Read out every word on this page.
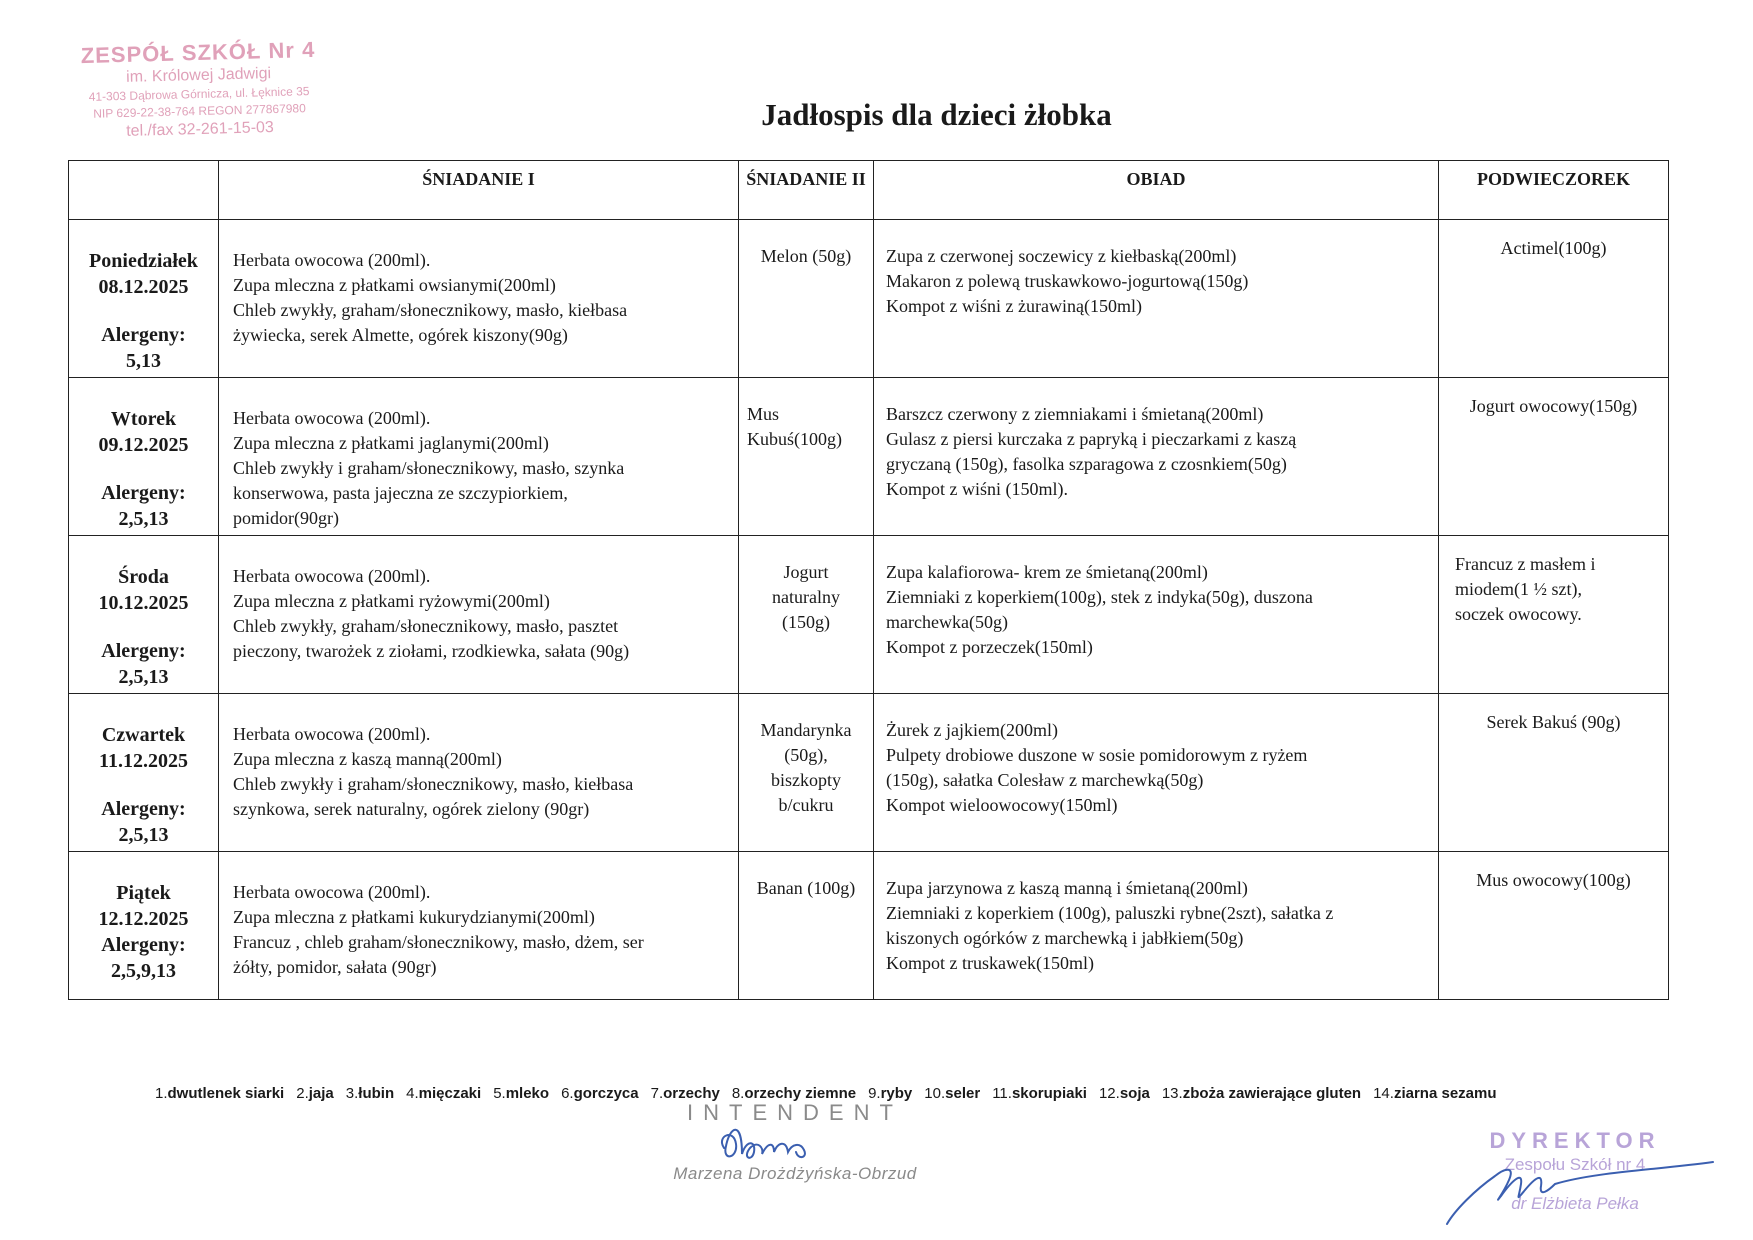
ZESPÓŁ SZKÓŁ Nr 4
im. Królowej Jadwigi
41-303 Dąbrowa Górnicza, ul. Łęknice 35
NIP 629-22-38-764 REGON 277867980
tel./fax 32-261-15-03	Jadłospis dla dzieci żłobka
	ŚNIADANIE I	ŚNIADANIE II	OBIAD	PODWIECZOREK

Poniedziałek
08.12.2025
Alergeny:
5,13	Herbata owocowa (200ml).
Zupa mleczna z płatkami owsianymi(200ml)
Chleb zwykły, graham/słonecznikowy, masło, kiełbasa
żywiecka, serek Almette, ogórek kiszony(90g)	Melon (50g)	Zupa z czerwonej soczewicy z kiełbaską(200ml)
Makaron z polewą truskawkowo-jogurtową(150g)
Kompot z wiśni z żurawiną(150ml)	Actimel(100g)

Wtorek
09.12.2025
Alergeny:
2,5,13	Herbata owocowa (200ml).
Zupa mleczna z płatkami jaglanymi(200ml)
Chleb zwykły i graham/słonecznikowy, masło, szynka
konserwowa, pasta jajeczna ze szczypiorkiem,
pomidor(90gr)	Mus
Kubuś(100g)	Barszcz czerwony z ziemniakami i śmietaną(200ml)
Gulasz z piersi kurczaka z papryką i pieczarkami z kaszą
gryczaną (150g), fasolka szparagowa z czosnkiem(50g)
Kompot z wiśni (150ml).	Jogurt owocowy(150g)

Środa
10.12.2025
Alergeny:
2,5,13	Herbata owocowa (200ml).
Zupa mleczna z płatkami ryżowymi(200ml)
Chleb zwykły, graham/słonecznikowy, masło, pasztet
pieczony, twarożek z ziołami, rzodkiewka, sałata (90g)	Jogurt
naturalny
(150g)	Zupa kalafiorowa- krem ze śmietaną(200ml)
Ziemniaki z koperkiem(100g), stek z indyka(50g), duszona
marchewka(50g)
Kompot z porzeczek(150ml)	Francuz z masłem i
miodem(1 ½ szt),
soczek owocowy.

Czwartek
11.12.2025
Alergeny:
2,5,13	Herbata owocowa (200ml).
Zupa mleczna z kaszą manną(200ml)
Chleb zwykły i graham/słonecznikowy, masło, kiełbasa
szynkowa, serek naturalny, ogórek zielony (90gr)	Mandarynka
(50g),
biszkopty
b/cukru	Żurek z jajkiem(200ml)
Pulpety drobiowe duszone w sosie pomidorowym z ryżem
(150g), sałatka Colesław z marchewką(50g)
Kompot wieloowocowy(150ml)	Serek Bakuś (90g)

Piątek
12.12.2025
Alergeny:
2,5,9,13	Herbata owocowa (200ml).
Zupa mleczna z płatkami kukurydzianymi(200ml)
Francuz , chleb graham/słonecznikowy, masło, dżem, ser
żółty, pomidor, sałata (90gr)	Banan (100g)	Zupa jarzynowa z kaszą manną i śmietaną(200ml)
Ziemniaki z koperkiem (100g), paluszki rybne(2szt), sałatka z
kiszonych ogórków z marchewką i jabłkiem(50g)
Kompot z truskawek(150ml)	Mus owocowy(100g)
1.dwutlenek siarki 2.jaja 3.łubin 4.mięczaki 5.mleko 6.gorczyca 7.orzechy 8.orzechy ziemne 9.ryby 10.seler 11.skorupiaki 12.soja 13.zboża zawierające gluten 14.ziarna sezamu
INTENDENT
Marzena Drożdżyńska-Obrzud
DYREKTOR
Zespołu Szkół nr 4
dr Elżbieta Pełka
